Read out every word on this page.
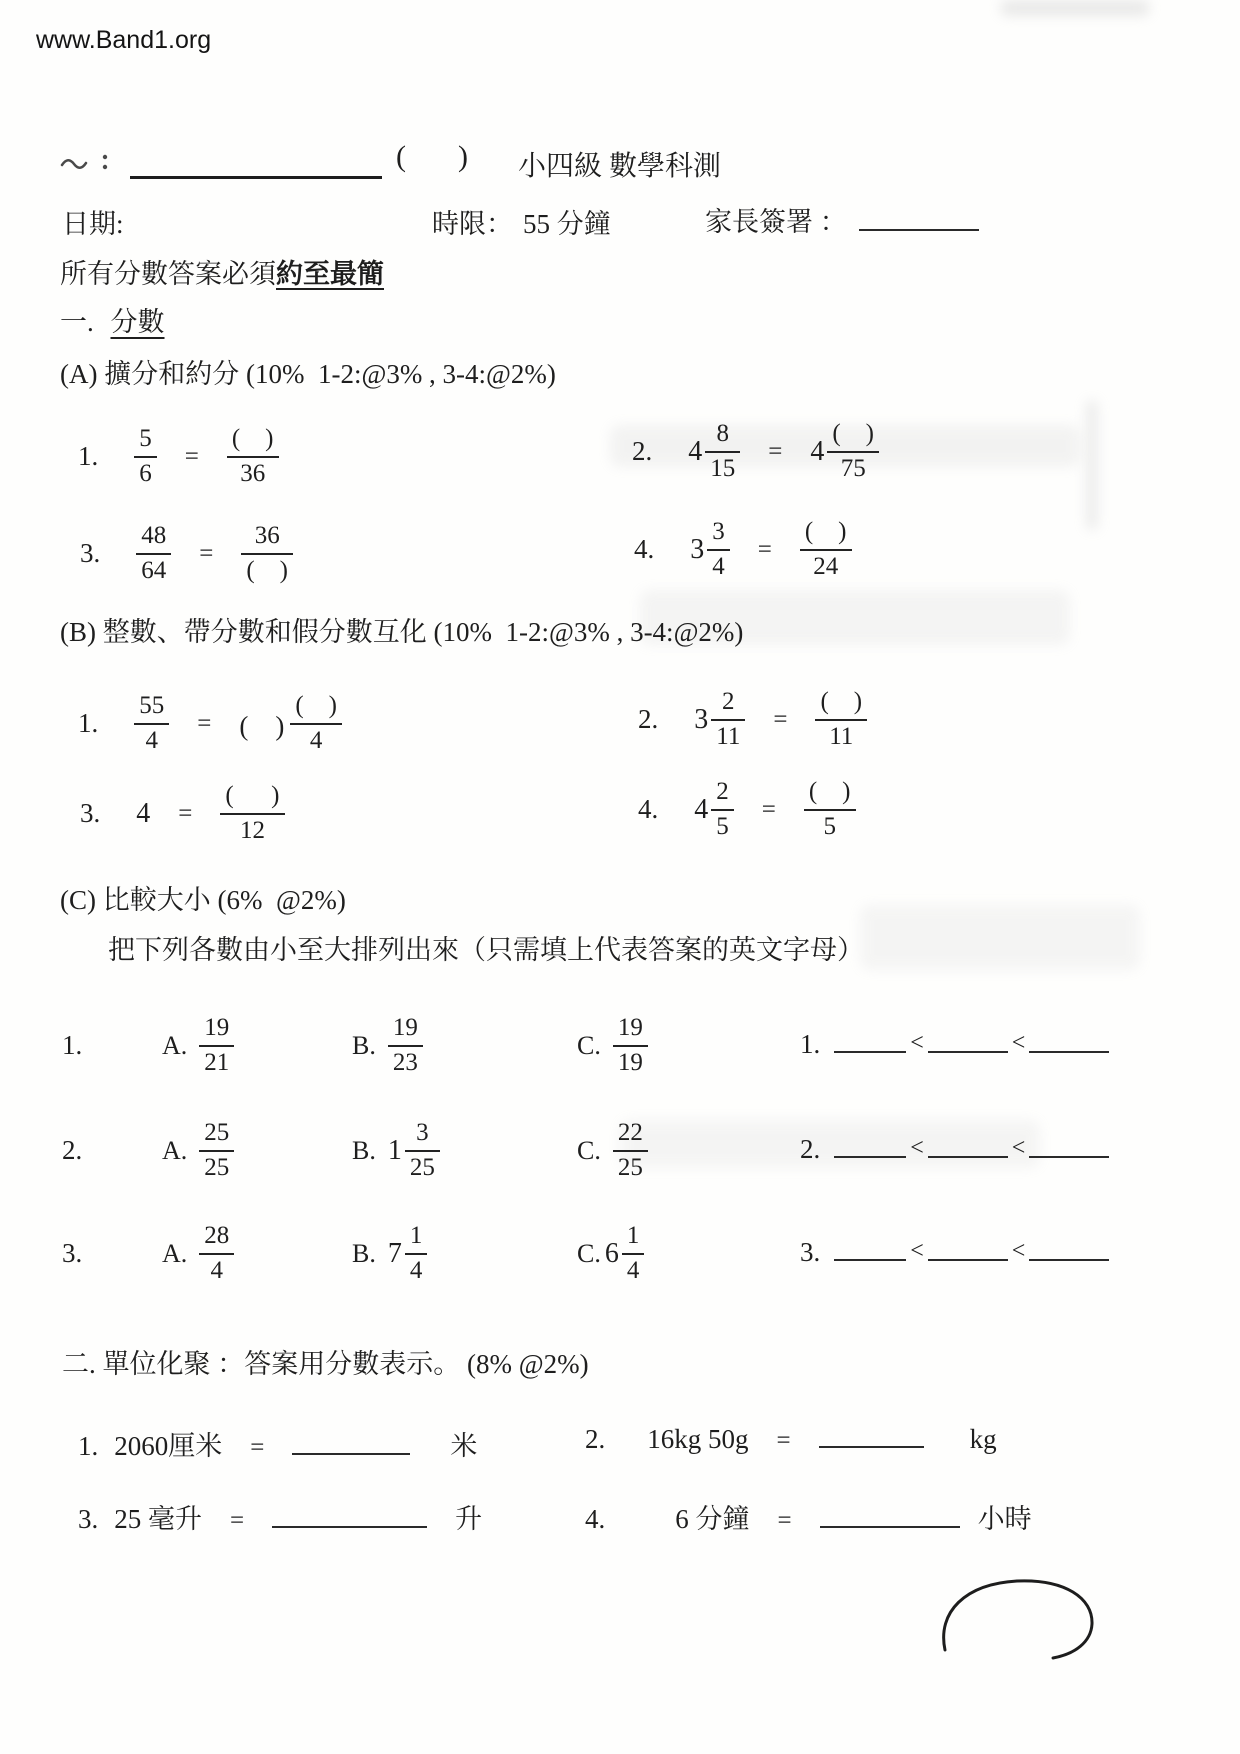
www.Band1.org
( ) 小四級 數學科測
日期:	時限： 55 分鐘	家長簽署 ：
所有分數答案必須約至最簡
一. 分數
(A) 擴分和約分 (10%  1-2:@3% , 3-4:@2%)
1. $\frac{5}{6}$	=	$\frac{( )}{36}$	2. $4 \frac{8}{15}$	=	$4 \frac{( )}{75}$
3. $\frac{48}{64}$	=	$\frac{36}{( )}$	4. $3 \frac{3}{4}$	=	$\frac{( )}{24}$
(B) 整數、帶分數和假分數互化 (10%  1-2:@3% , 3-4:@2%)
1. $\frac{55}{4}$	=	(　) $\frac{( )}{4}$	2. $3 \frac{2}{11}$	=	$\frac{( )}{11}$
3. 4	=	$\frac{( )}{12}$	4. $4 \frac{2}{5}$	=	$\frac{( )}{5}$
(C) 比較大小 (6%  @2%)
把下列各數由小至大排列出來（只需填上代表答案的英文字母）
1.	A. $\frac{19}{21}$	B. $\frac{19}{23}$	C. $\frac{19}{19}$	1.	<	<
2.	A. $\frac{25}{25}$	B. $1 \frac{3}{25}$	C. $\frac{22}{25}$	2.	<	<
3.	A. $\frac{28}{4}$	B. $7 \frac{1}{4}$	C. $6 \frac{1}{4}$	3.	<	<
二. 單位化聚 ：答案用分數表示。 (8% @2%)
1. 2060厘米	=	米	2. 16kg 50g	=	kg
3. 25 毫升	=	升	4.	6 分鐘	=	小時
